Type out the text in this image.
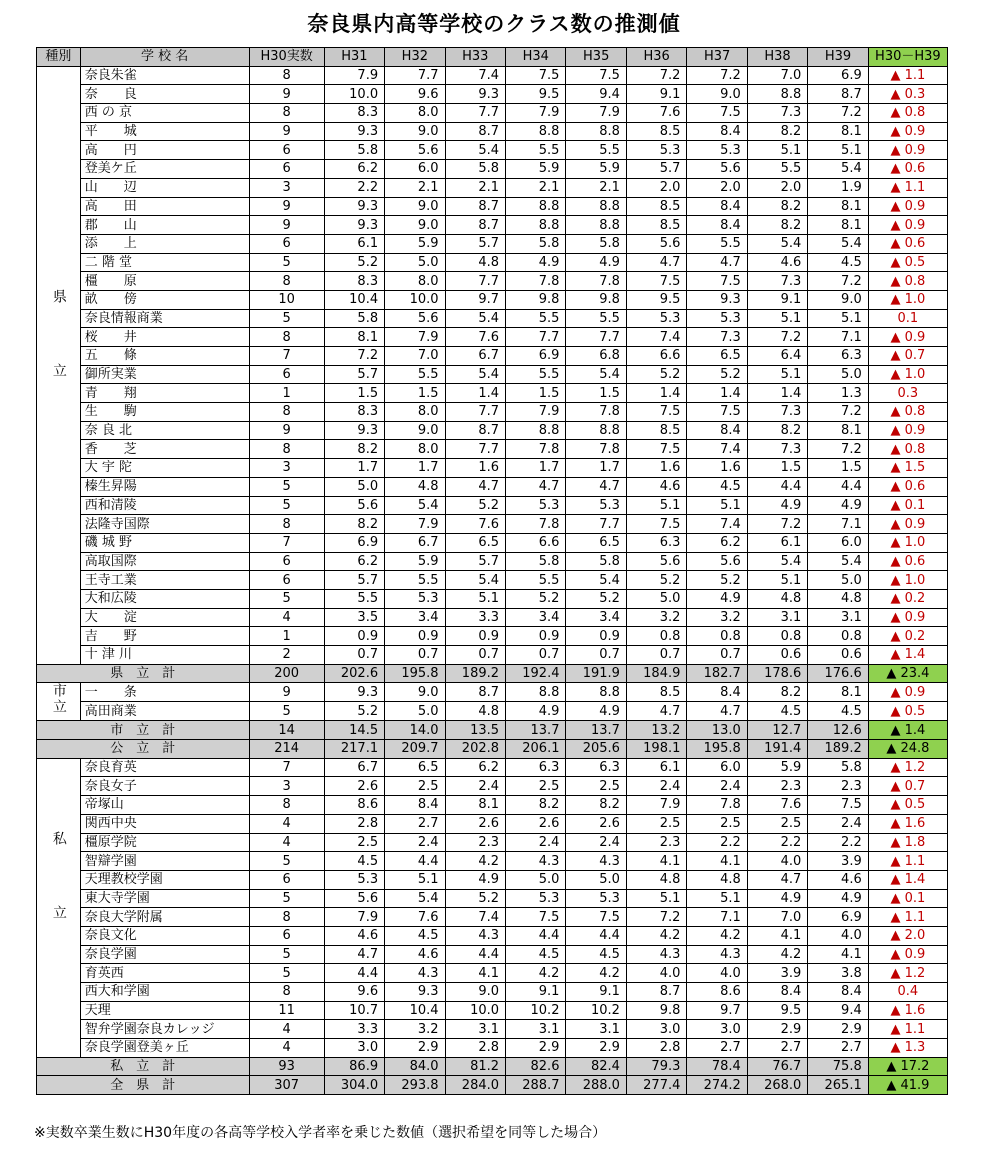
奈良県内高等学校のクラス数の推測値
種別	学 校 名	H30実数	H31	H32	H33	H34	H35	H36	H37	H38	H39	H30－H39
県立	奈良朱雀	8	7.9	7.7	7.4	7.5	7.5	7.2	7.2	7.0	6.9	▲ 1.1
	奈　　良	9	10.0	9.6	9.3	9.5	9.4	9.1	9.0	8.8	8.7	▲ 0.3
	西 の 京	8	8.3	8.0	7.7	7.9	7.9	7.6	7.5	7.3	7.2	▲ 0.8
	平　　城	9	9.3	9.0	8.7	8.8	8.8	8.5	8.4	8.2	8.1	▲ 0.9
	高　　円	6	5.8	5.6	5.4	5.5	5.5	5.3	5.3	5.1	5.1	▲ 0.9
	登美ケ丘	6	6.2	6.0	5.8	5.9	5.9	5.7	5.6	5.5	5.4	▲ 0.6
	山　　辺	3	2.2	2.1	2.1	2.1	2.1	2.0	2.0	2.0	1.9	▲ 1.1
	高　　田	9	9.3	9.0	8.7	8.8	8.8	8.5	8.4	8.2	8.1	▲ 0.9
	郡　　山	9	9.3	9.0	8.7	8.8	8.8	8.5	8.4	8.2	8.1	▲ 0.9
	添　　上	6	6.1	5.9	5.7	5.8	5.8	5.6	5.5	5.4	5.4	▲ 0.6
	二 階 堂	5	5.2	5.0	4.8	4.9	4.9	4.7	4.7	4.6	4.5	▲ 0.5
	橿　　原	8	8.3	8.0	7.7	7.8	7.8	7.5	7.5	7.3	7.2	▲ 0.8
	畝　　傍	10	10.4	10.0	9.7	9.8	9.8	9.5	9.3	9.1	9.0	▲ 1.0
	奈良情報商業	5	5.8	5.6	5.4	5.5	5.5	5.3	5.3	5.1	5.1	0.1
	桜　　井	8	8.1	7.9	7.6	7.7	7.7	7.4	7.3	7.2	7.1	▲ 0.9
	五　　條	7	7.2	7.0	6.7	6.9	6.8	6.6	6.5	6.4	6.3	▲ 0.7
	御所実業	6	5.7	5.5	5.4	5.5	5.4	5.2	5.2	5.1	5.0	▲ 1.0
	青　　翔	1	1.5	1.5	1.4	1.5	1.5	1.4	1.4	1.4	1.3	0.3
	生　　駒	8	8.3	8.0	7.7	7.9	7.8	7.5	7.5	7.3	7.2	▲ 0.8
	奈 良 北	9	9.3	9.0	8.7	8.8	8.8	8.5	8.4	8.2	8.1	▲ 0.9
	香　　芝	8	8.2	8.0	7.7	7.8	7.8	7.5	7.4	7.3	7.2	▲ 0.8
	大 宇 陀	3	1.7	1.7	1.6	1.7	1.7	1.6	1.6	1.5	1.5	▲ 1.5
	榛生昇陽	5	5.0	4.8	4.7	4.7	4.7	4.6	4.5	4.4	4.4	▲ 0.6
	西和清陵	5	5.6	5.4	5.2	5.3	5.3	5.1	5.1	4.9	4.9	▲ 0.1
	法隆寺国際	8	8.2	7.9	7.6	7.8	7.7	7.5	7.4	7.2	7.1	▲ 0.9
	磯 城 野	7	6.9	6.7	6.5	6.6	6.5	6.3	6.2	6.1	6.0	▲ 1.0
	高取国際	6	6.2	5.9	5.7	5.8	5.8	5.6	5.6	5.4	5.4	▲ 0.6
	王寺工業	6	5.7	5.5	5.4	5.5	5.4	5.2	5.2	5.1	5.0	▲ 1.0
	大和広陵	5	5.5	5.3	5.1	5.2	5.2	5.0	4.9	4.8	4.8	▲ 0.2
	大　　淀	4	3.5	3.4	3.3	3.4	3.4	3.2	3.2	3.1	3.1	▲ 0.9
	吉　　野	1	0.9	0.9	0.9	0.9	0.9	0.8	0.8	0.8	0.8	▲ 0.2
	十 津 川	2	0.7	0.7	0.7	0.7	0.7	0.7	0.7	0.6	0.6	▲ 1.4
県　立　計		200	202.6	195.8	189.2	192.4	191.9	184.9	182.7	178.6	176.6	▲ 23.4
市立	一　　条	9	9.3	9.0	8.7	8.8	8.8	8.5	8.4	8.2	8.1	▲ 0.9
	高田商業	5	5.2	5.0	4.8	4.9	4.9	4.7	4.7	4.5	4.5	▲ 0.5
市　立　計		14	14.5	14.0	13.5	13.7	13.7	13.2	13.0	12.7	12.6	▲ 1.4
公　立　計		214	217.1	209.7	202.8	206.1	205.6	198.1	195.8	191.4	189.2	▲ 24.8
私立	奈良育英	7	6.7	6.5	6.2	6.3	6.3	6.1	6.0	5.9	5.8	▲ 1.2
	奈良女子	3	2.6	2.5	2.4	2.5	2.5	2.4	2.4	2.3	2.3	▲ 0.7
	帝塚山	8	8.6	8.4	8.1	8.2	8.2	7.9	7.8	7.6	7.5	▲ 0.5
	関西中央	4	2.8	2.7	2.6	2.6	2.6	2.5	2.5	2.5	2.4	▲ 1.6
	橿原学院	4	2.5	2.4	2.3	2.4	2.4	2.3	2.2	2.2	2.2	▲ 1.8
	智辯学園	5	4.5	4.4	4.2	4.3	4.3	4.1	4.1	4.0	3.9	▲ 1.1
	天理教校学園	6	5.3	5.1	4.9	5.0	5.0	4.8	4.8	4.7	4.6	▲ 1.4
	東大寺学園	5	5.6	5.4	5.2	5.3	5.3	5.1	5.1	4.9	4.9	▲ 0.1
	奈良大学附属	8	7.9	7.6	7.4	7.5	7.5	7.2	7.1	7.0	6.9	▲ 1.1
	奈良文化	6	4.6	4.5	4.3	4.4	4.4	4.2	4.2	4.1	4.0	▲ 2.0
	奈良学園	5	4.7	4.6	4.4	4.5	4.5	4.3	4.3	4.2	4.1	▲ 0.9
	育英西	5	4.4	4.3	4.1	4.2	4.2	4.0	4.0	3.9	3.8	▲ 1.2
	西大和学園	8	9.6	9.3	9.0	9.1	9.1	8.7	8.6	8.4	8.4	0.4
	天理	11	10.7	10.4	10.0	10.2	10.2	9.8	9.7	9.5	9.4	▲ 1.6
	智弁学園奈良カレッジ	4	3.3	3.2	3.1	3.1	3.1	3.0	3.0	2.9	2.9	▲ 1.1
	奈良学園登美ヶ丘	4	3.0	2.9	2.8	2.9	2.9	2.8	2.7	2.7	2.7	▲ 1.3
私　立　計		93	86.9	84.0	81.2	82.6	82.4	79.3	78.4	76.7	75.8	▲ 17.2
全　県　計		307	304.0	293.8	284.0	288.7	288.0	277.4	274.2	268.0	265.1	▲ 41.9
※実数卒業生数にH30年度の各高等学校入学者率を乗じた数値（選択希望を同等した場合）
